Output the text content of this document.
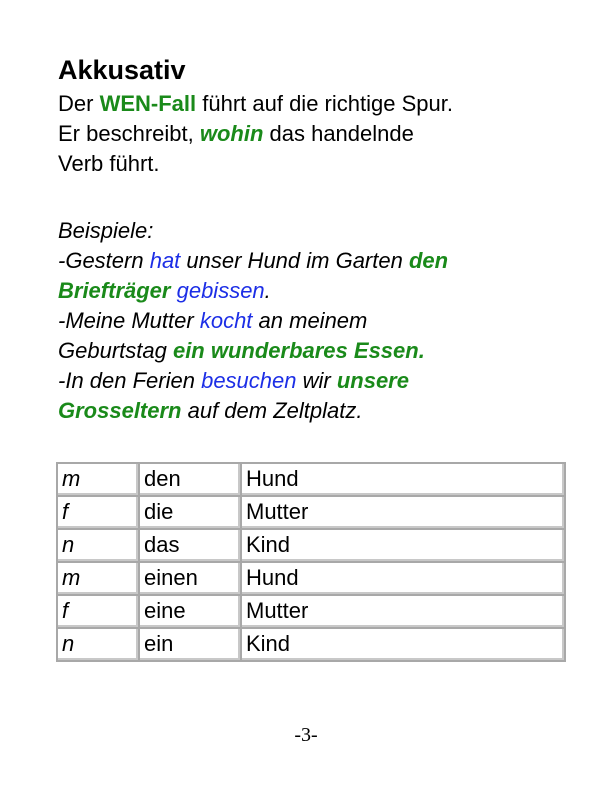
Akkusativ

Der WEN-Fall führt auf die richtige Spur.
Er beschreibt, wohin das handelnde
Verb führt.

Beispiele:
-Gestern hat unser Hund im Garten den
Briefträger gebissen.
-Meine Mutter kocht an meinem
Geburtstag ein wunderbares Essen.
-In den Ferien besuchen wir unsere
Grosseltern auf dem Zeltplatz.

m	den	Hund
f	die	Mutter
n	das	Kind
m	einen	Hund
f	eine	Mutter
n	ein	Kind
-3-
